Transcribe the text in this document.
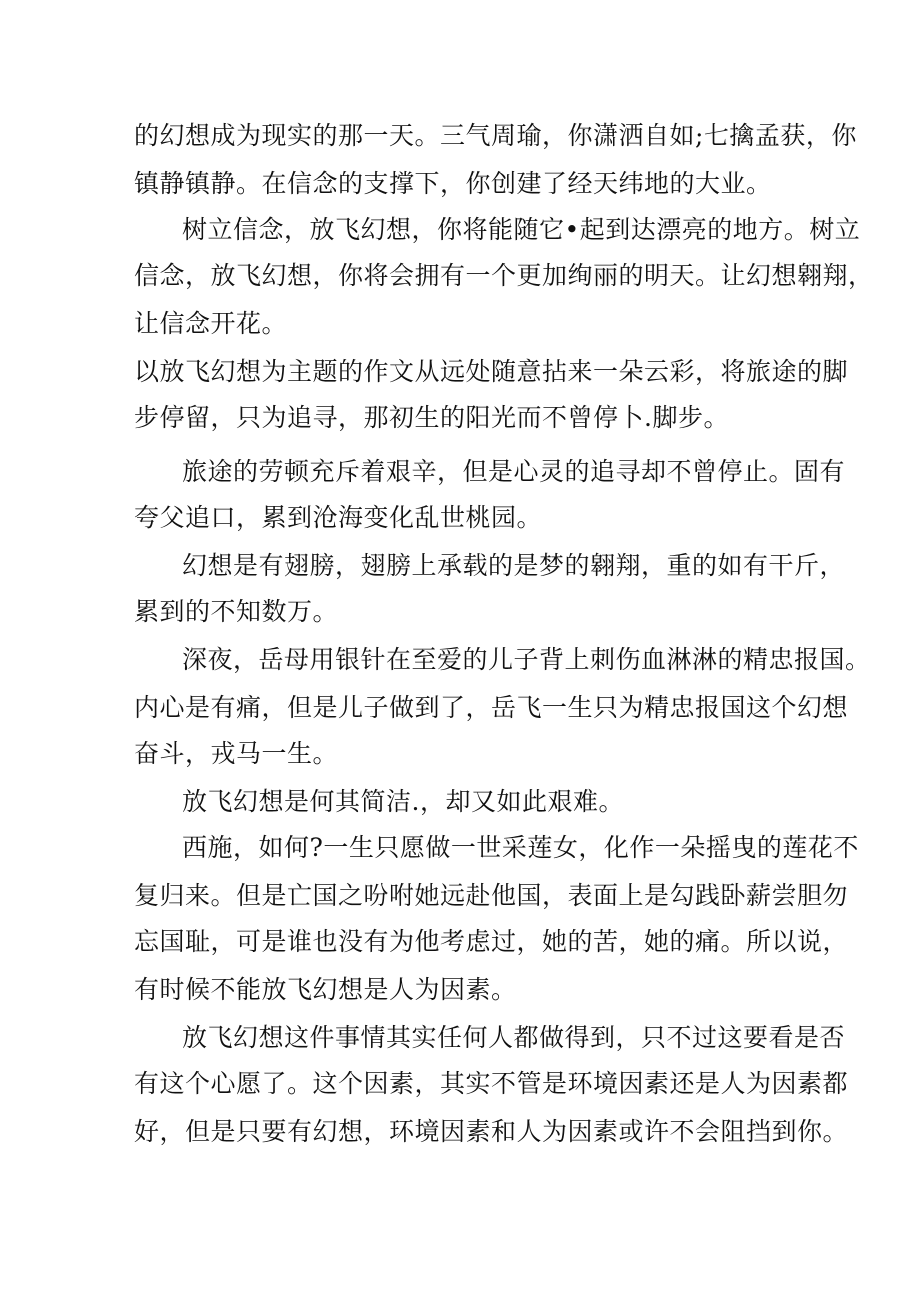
的幻想成为现实的那一天。三气周瑜，你潇洒自如;七擒孟获，你

镇静镇静。在信念的支撑下，你创建了经天纬地的大业。

树立信念，放飞幻想，你将能随它•起到达漂亮的地方。树立

信念，放飞幻想，你将会拥有一个更加绚丽的明天。让幻想翱翔，

让信念开花。

以放飞幻想为主题的作文从远处随意拈来一朵云彩，将旅途的脚

步停留，只为追寻，那初生的阳光而不曾停卜.脚步。

旅途的劳顿充斥着艰辛，但是心灵的追寻却不曾停止。固有

夸父追口，累到沧海变化乱世桃园。

幻想是有翅膀，翅膀上承载的是梦的翱翔，重的如有干斤，

累到的不知数万。

深夜，岳母用银针在至爱的儿子背上刺伤血淋淋的精忠报国。

内心是有痛，但是儿子做到了，岳飞一生只为精忠报国这个幻想

奋斗，戎马一生。

放飞幻想是何其简洁.，却又如此艰难。

西施，如何?一生只愿做一世采莲女，化作一朵摇曳的莲花不

复归来。但是亡国之吩咐她远赴他国，表面上是勾践卧薪尝胆勿

忘国耻，可是谁也没有为他考虑过，她的苦，她的痛。所以说，

有时候不能放飞幻想是人为因素。

放飞幻想这件事情其实任何人都做得到，只不过这要看是否

有这个心愿了。这个因素，其实不管是环境因素还是人为因素都

好，但是只要有幻想，环境因素和人为因素或许不会阻挡到你。
